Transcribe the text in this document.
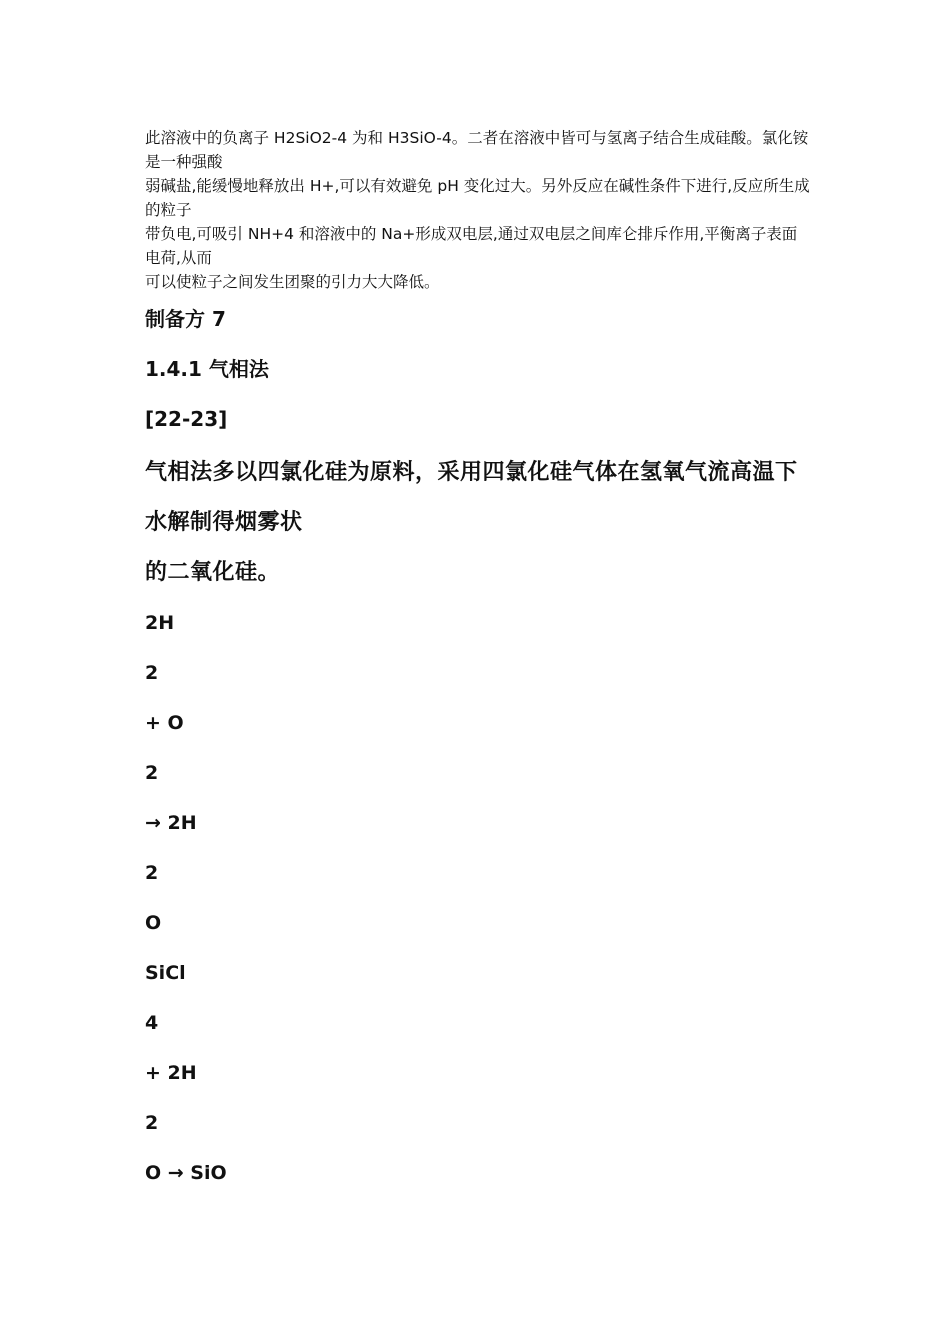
此溶液中的负离子 H2SiO2-4 为和 H3SiO-4。二者在溶液中皆可与氢离子结合生成硅酸。氯化铵是一种强酸

弱碱盐,能缓慢地释放出 H+,可以有效避免 pH 变化过大。另外反应在碱性条件下进行,反应所生成的粒子

带负电,可吸引 NH+4 和溶液中的 Na+形成双电层,通过双电层之间库仑排斥作用,平衡离子表面电荷,从而

可以使粒子之间发生团聚的引力大大降低。

制备方 7

1.4.1 气相法

[22-23]

气相法多以四氯化硅为原料，采用四氯化硅气体在氢氧气流高温下

水解制得烟雾状

的二氧化硅。

2H
2
+ O
2
→ 2H
2
O
SiCl
4
+ 2H
2
O → SiO
